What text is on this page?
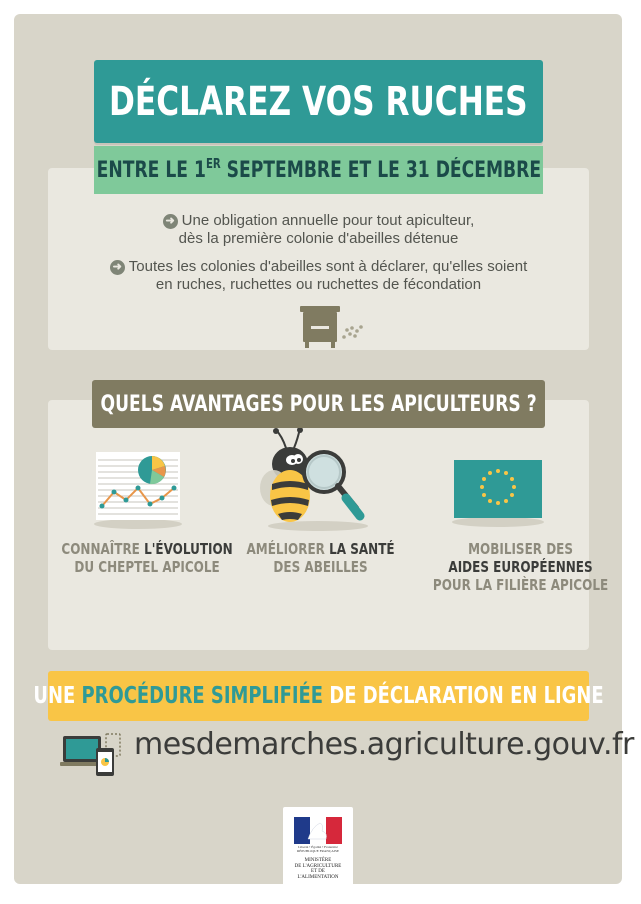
➜ Une obligation annuelle pour tout apiculteur,
dès la première colonie d'abeilles détenue
➜ Toutes les colonies d'abeilles sont à déclarer, qu'elles soient
en ruches, ruchettes ou ruchettes de fécondation
DÉCLAREZ VOS RUCHES
ENTRE LE 1ER SEPTEMBRE ET LE 31 DÉCEMBRE
QUELS AVANTAGES POUR LES APICULTEURS ?
CONNAÎTRE L'ÉVOLUTION
DU CHEPTEL APICOLE
AMÉLIORER LA SANTÉ
DES ABEILLES
MOBILISER DES
AIDES EUROPÉENNES
POUR LA FILIÈRE APICOLE
UNE PROCÉDURE SIMPLIFIÉE DE DÉCLARATION EN LIGNE
mesdemarches.agriculture.gouv.fr
Liberté • Égalité • Fraternité
RÉPUBLIQUE FRANÇAISE
MINISTÈRE
DE L'AGRICULTURE
ET DE
L'ALIMENTATION
